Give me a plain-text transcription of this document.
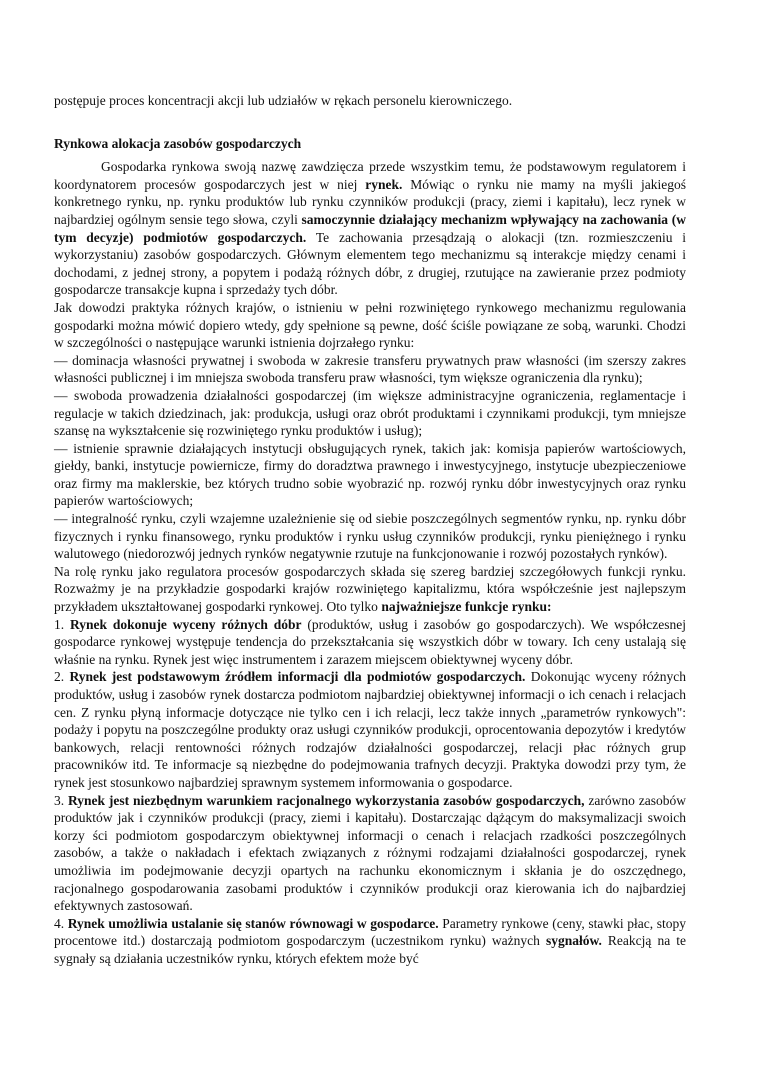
postępuje proces koncentracji akcji lub udziałów w rękach personelu kierowniczego.

Rynkowa alokacja zasobów gospodarczych

Gospodarka rynkowa swoją nazwę zawdzięcza przede wszystkim temu, że podstawowym regulatorem i koordynatorem procesów gospodarczych jest w niej rynek. Mówiąc o rynku nie mamy na myśli jakiegoś konkretnego rynku, np. rynku produktów lub rynku czynników produkcji (pracy, ziemi i kapitału), lecz rynek w najbardziej ogólnym sensie tego słowa, czyli samoczynnie działający mechanizm wpływający na zachowania (w tym decyzje) podmiotów gospodarczych. Te zachowania przesądzają o alokacji (tzn. rozmieszczeniu i wykorzystaniu) zasobów gospodarczych. Głównym elementem tego mechanizmu są interakcje między cenami i dochodami, z jednej strony, a popytem i podażą różnych dóbr, z drugiej, rzutujące na zawieranie przez podmioty gospodarcze transakcje kupna i sprzedaży tych dóbr.

Jak dowodzi praktyka różnych krajów, o istnieniu w pełni rozwiniętego rynkowego mechanizmu regulowania gospodarki można mówić dopiero wtedy, gdy spełnione są pewne, dość ściśle powiązane ze sobą, warunki. Chodzi w szczególności o następujące warunki istnienia dojrzałego rynku:

— dominacja własności prywatnej i swoboda w zakresie transferu prywatnych praw własności (im szerszy zakres własności publicznej i im mniejsza swoboda transferu praw własności, tym większe ograniczenia dla rynku);

— swoboda prowadzenia działalności gospodarczej (im większe administracyjne ograniczenia, reglamentacje i regulacje w takich dziedzinach, jak: produkcja, usługi oraz obrót produktami i czynnikami produkcji, tym mniejsze szansę na wykształcenie się rozwiniętego rynku produktów i usług);

— istnienie sprawnie działających instytucji obsługujących rynek, takich jak: komisja papierów wartościowych, giełdy, banki, instytucje powiernicze, firmy do doradztwa prawnego i inwestycyjnego, instytucje ubezpieczeniowe oraz firmy ma maklerskie, bez których trudno sobie wyobrazić np. rozwój rynku dóbr inwestycyjnych oraz rynku papierów wartościowych;

— integralność rynku, czyli wzajemne uzależnienie się od siebie poszczególnych segmentów rynku, np. rynku dóbr fizycznych i rynku finansowego, rynku produktów i rynku usług czynników produkcji, rynku pieniężnego i rynku walutowego (niedorozwój jednych rynków negatywnie rzutuje na funkcjonowanie i rozwój pozostałych rynków).

Na rolę rynku jako regulatora procesów gospodarczych składa się szereg bardziej szczegółowych funkcji rynku. Rozważmy je na przykładzie gospodarki krajów rozwiniętego kapitalizmu, która współcześnie jest najlepszym przykładem ukształtowanej gospodarki rynkowej. Oto tylko najważniejsze funkcje rynku:

1. Rynek dokonuje wyceny różnych dóbr (produktów, usług i zasobów go gospodarczych). We współczesnej gospodarce rynkowej występuje tendencja do przekształcania się wszystkich dóbr w towary. Ich ceny ustalają się właśnie na rynku. Rynek jest więc instrumentem i zarazem miejscem obiektywnej wyceny dóbr.

2. Rynek jest podstawowym źródłem informacji dla podmiotów gospodarczych. Dokonując wyceny różnych produktów, usług i zasobów rynek dostarcza podmiotom najbardziej obiektywnej informacji o ich cenach i relacjach cen. Z rynku płyną informacje dotyczące nie tylko cen i ich relacji, lecz także innych „parametrów rynkowych": podaży i popytu na poszczególne produkty oraz usługi czynników produkcji, oprocentowania depozytów i kredytów bankowych, relacji rentowności różnych rodzajów działalności gospodarczej, relacji płac różnych grup pracowników itd. Te informacje są niezbędne do podejmowania trafnych decyzji. Praktyka dowodzi przy tym, że rynek jest stosunkowo najbardziej sprawnym systemem informowania o gospodarce.

3. Rynek jest niezbędnym warunkiem racjonalnego wykorzystania zasobów gospodarczych, zarówno zasobów produktów jak i czynników produkcji (pracy, ziemi i kapitału). Dostarczając dążącym do maksymalizacji swoich korzy ści podmiotom gospodarczym obiektywnej informacji o cenach i relacjach rzadkości poszczególnych zasobów, a także o nakładach i efektach związanych z różnymi rodzajami działalności gospodarczej, rynek umożliwia im podejmowanie decyzji opartych na rachunku ekonomicznym i skłania je do oszczędnego, racjonalnego gospodarowania zasobami produktów i czynników produkcji oraz kierowania ich do najbardziej efektywnych zastosowań.

4. Rynek umożliwia ustalanie się stanów równowagi w gospodarce. Parametry rynkowe (ceny, stawki płac, stopy procentowe itd.) dostarczają podmiotom gospodarczym (uczestnikom rynku) ważnych sygnałów. Reakcją na te sygnały są działania uczestników rynku, których efektem może być
